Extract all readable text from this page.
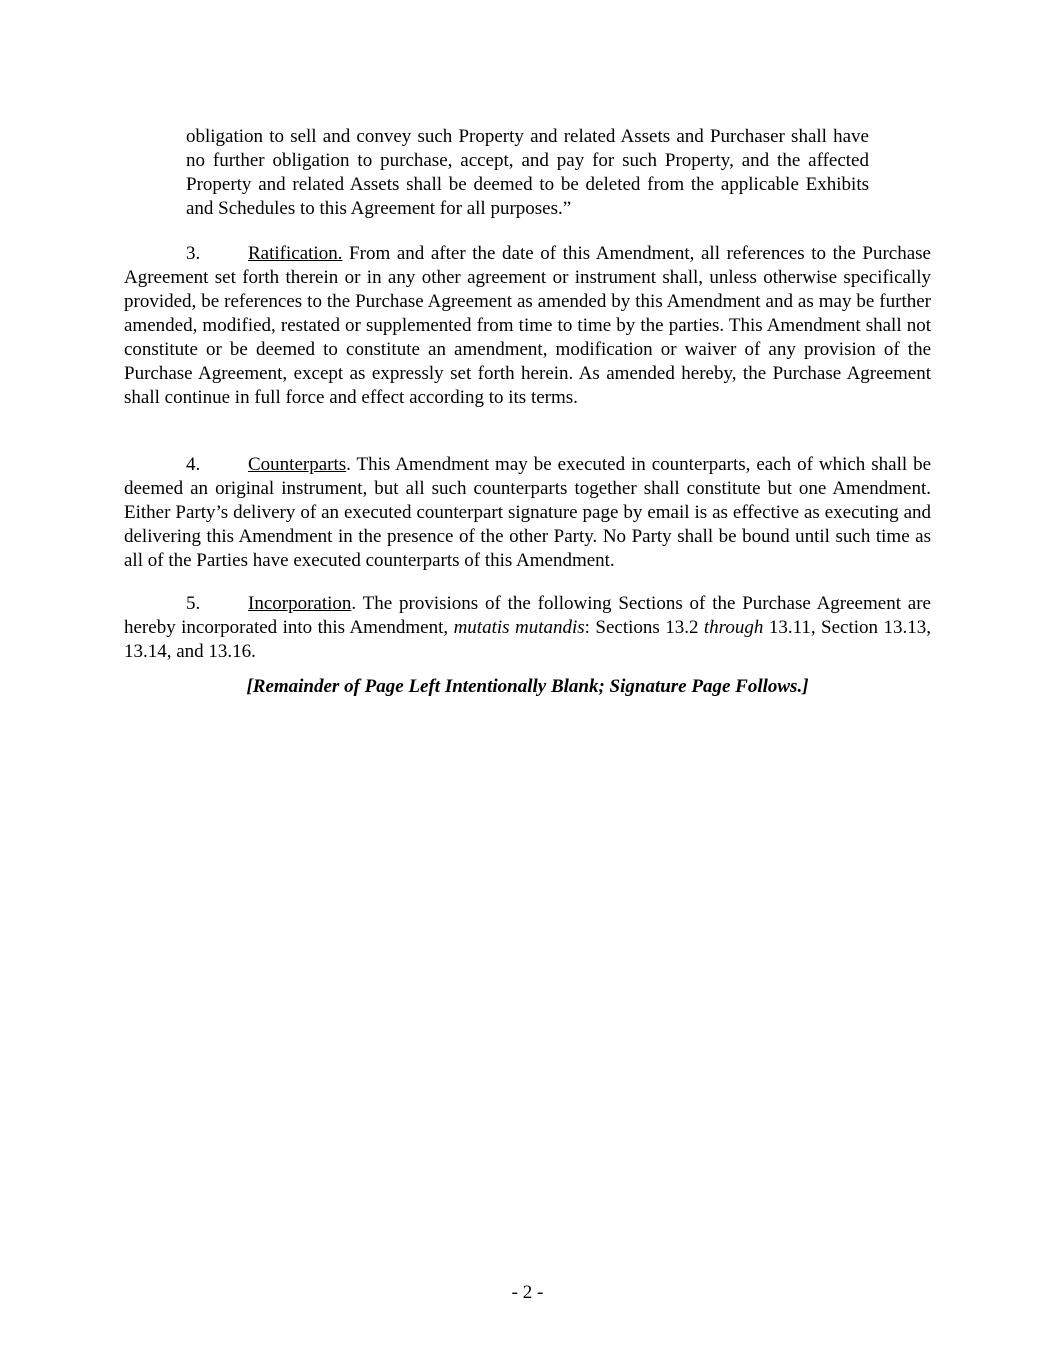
obligation to sell and convey such Property and related Assets and Purchaser shall have no further obligation to purchase, accept, and pay for such Property, and the affected Property and related Assets shall be deemed to be deleted from the applicable Exhibits and Schedules to this Agreement for all purposes.”
3.	Ratification. From and after the date of this Amendment, all references to the Purchase Agreement set forth therein or in any other agreement or instrument shall, unless otherwise specifically provided, be references to the Purchase Agreement as amended by this Amendment and as may be further amended, modified, restated or supplemented from time to time by the parties. This Amendment shall not constitute or be deemed to constitute an amendment, modification or waiver of any provision of the Purchase Agreement, except as expressly set forth herein. As amended hereby, the Purchase Agreement shall continue in full force and effect according to its terms.
4.	Counterparts. This Amendment may be executed in counterparts, each of which shall be deemed an original instrument, but all such counterparts together shall constitute but one Amendment. Either Party’s delivery of an executed counterpart signature page by email is as effective as executing and delivering this Amendment in the presence of the other Party. No Party shall be bound until such time as all of the Parties have executed counterparts of this Amendment.
5.	Incorporation. The provisions of the following Sections of the Purchase Agreement are hereby incorporated into this Amendment, mutatis mutandis: Sections 13.2 through 13.11, Section 13.13, 13.14, and 13.16.
[Remainder of Page Left Intentionally Blank; Signature Page Follows.]
- 2 -
